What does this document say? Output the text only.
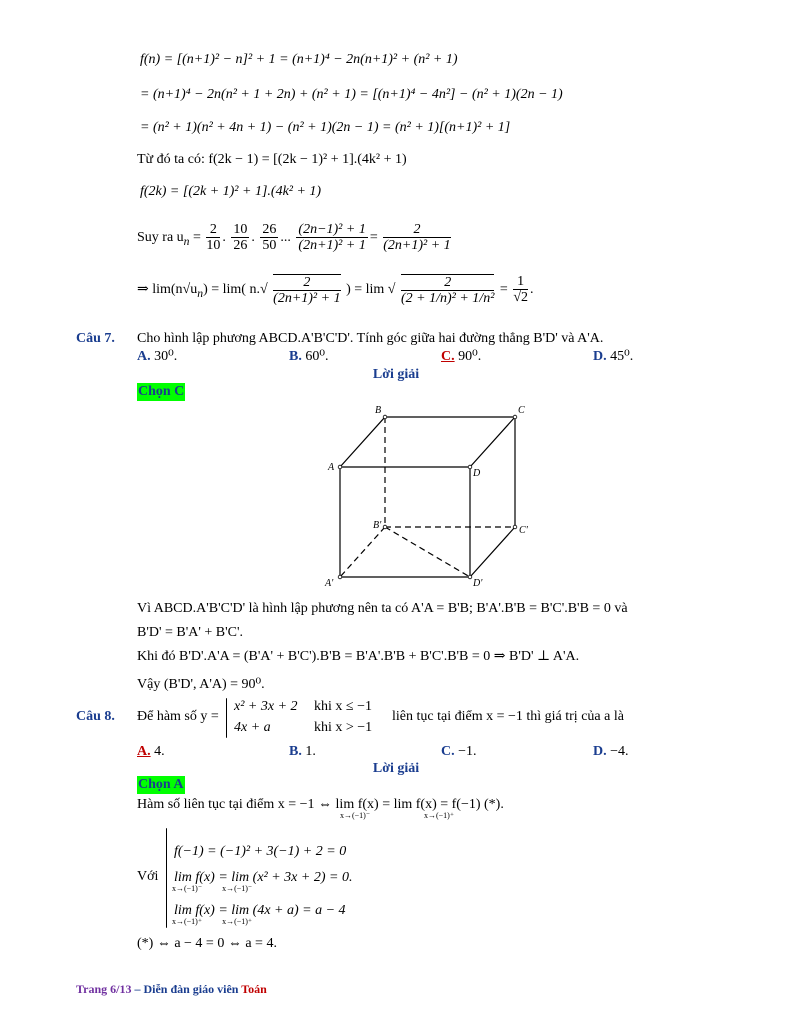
f(n) = [(n+1)² − n]² + 1 = (n+1)⁴ − 2n(n+1)² + (n² + 1)
= (n+1)⁴ − 2n(n² + 1 + 2n) + (n² + 1) = [(n+1)⁴ − 4n²] − (n² + 1)(2n − 1)
= (n² + 1)(n² + 4n + 1) − (n² + 1)(2n − 1) = (n² + 1)[(n+1)² + 1]
Từ đó ta có: f(2k − 1) = [(2k − 1)² + 1].(4k² + 1)
f(2k) = [(2k + 1)² + 1].(4k² + 1)
Suy ra $u_n = \frac{2}{10}$ . $\frac{10}{26}$ . $\frac{26}{50}$ ... $\frac{\text{(2n−1)² + 1}}{\text{(2n+1)² + 1}} = \frac{2}{\text{(2n+1)² + 1}}$
⇒ $\lim(n√u_n) = \lim$( $n.√ \frac{2}{\text{(2n+1)² + 1}}$ ) = lim √ $\frac{2}{\text{(2 + 1/n)² + 1/n²}} = \frac{1}{√2}$ .
Câu 7. Cho hình lập phương ABCD.A'B'C'D'. Tính góc giữa hai đường thẳng B'D' và A'A.
A. 30⁰.	B. 60⁰.	C. 90⁰.	D. 45⁰.
Lời giải
Chọn C
B	C
A
D
B'	C'
A'	D'
Vì ABCD.A'B'C'D' là hình lập phương nên ta có A'A = B'B; B'A'.B'B = B'C'.B'B = 0 và
B'D' = B'A' + B'C'.
Khi đó B'D'.A'A = (B'A' + B'C').B'B = B'A'.B'B + B'C'.B'B = 0 ⇒ B'D' ⊥ A'A.
Vậy (B'D', A'A) = 90⁰.
Câu 8. Để hàm số y =
x² + 3x + 2 khi x ≤ −1
4x + a	khi x > −1
liên tục tại điểm x = −1 thì giá trị của a là
A. 4.	B. 1.	C. −1.	D. −4.
Lời giải
Chọn A
Hàm số liên tục tại điểm x = −1 ⇔ lim f(x) = lim f(x) = f(−1) (*).
x→(−1)⁻	x→(−1)⁺
Với
f(−1) = (−1)² + 3(−1) + 2 = 0
lim f(x) = lim (x² + 3x + 2) = 0.
x→(−1)⁻          x→(−1)⁻
lim f(x) = lim (4x + a) = a − 4
x→(−1)⁺          x→(−1)⁺
(*) ⇔ a − 4 = 0 ⇔ a = 4.
Trang 6/13 – Diễn đàn giáo viên Toán
